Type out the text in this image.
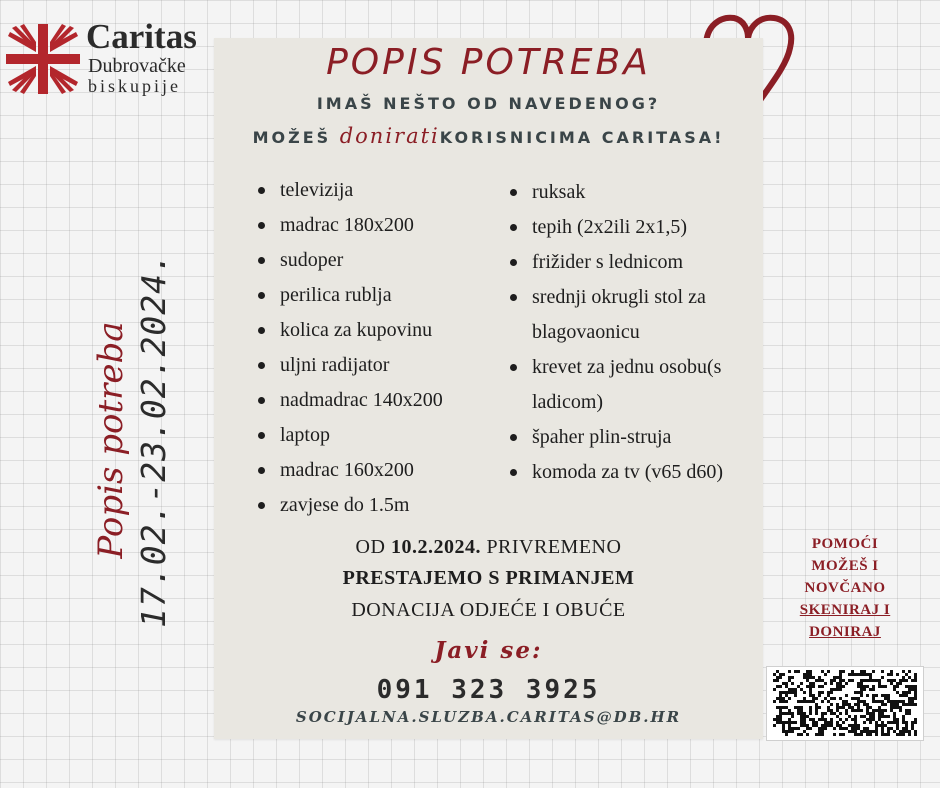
Caritas
Dubrovačke
biskupije
Popis potreba 17.02.-23.02.2024.
POPIS POTREBA
IMAŠ NEŠTO OD NAVEDENOG?
MOŽEŠ doniratiKORISNICIMA CARITASA!
televizija
madrac 180x200
sudoper
perilica rublja
kolica za kupovinu
uljni radijator
nadmadrac 140x200
laptop
madrac 160x200
zavjese do 1.5m
ruksak
tepih (2x2ili 2x1,5)
frižider s lednicom
srednji okrugli stol za blagovaonicu
krevet za jednu osobu(s ladicom)
špaher plin-struja
komoda za tv (v65 d60)
OD 10.2.2024. PRIVREMENO
PRESTAJEMO S PRIMANJEM
DONACIJA ODJEĆE I OBUĆE
Javi se:
091 323 3925
SOCIJALNA.SLUZBA.CARITAS@DB.HR
POMOĆI
MOŽEŠ I
NOVČANO
SKENIRAJ I
DONIRAJ
